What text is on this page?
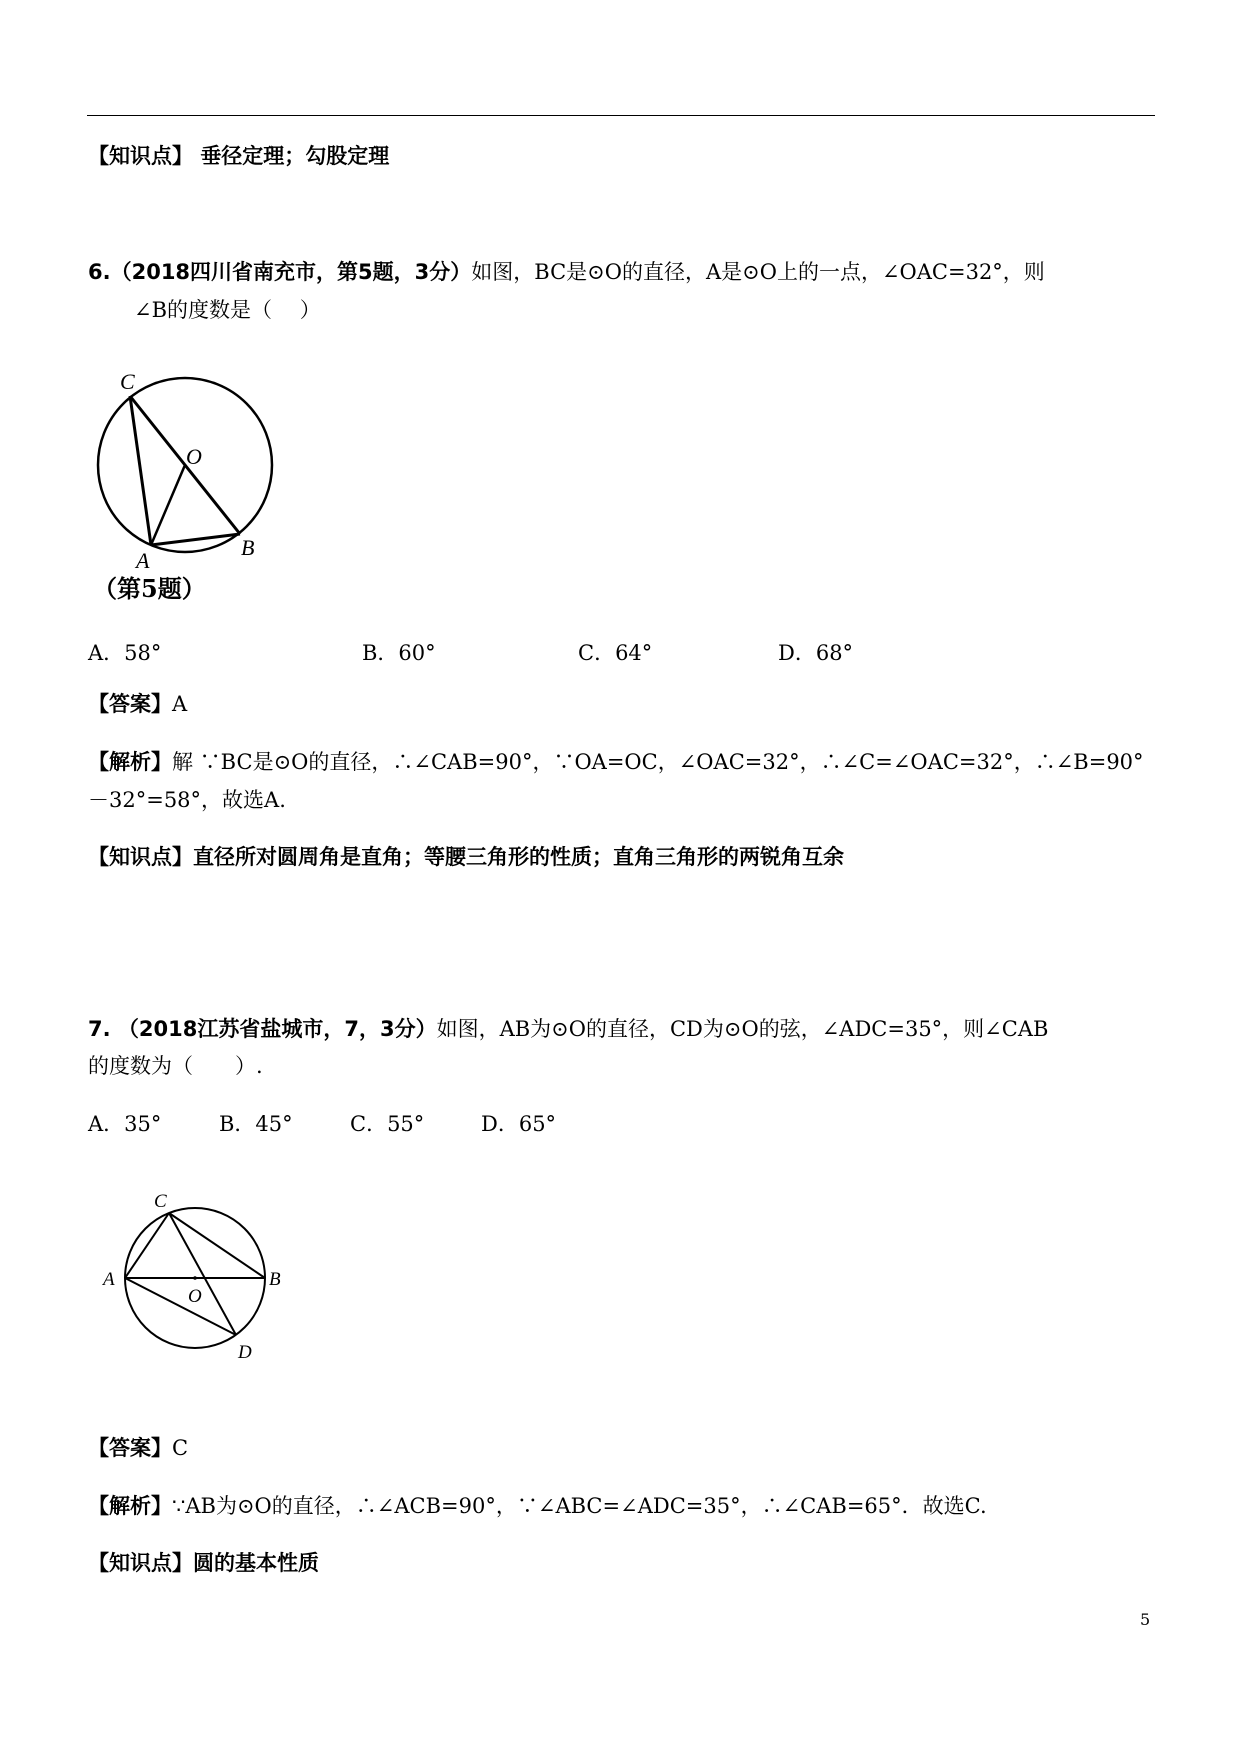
【知识点】 垂径定理；勾股定理
6.（2018四川省南充市，第5题，3分）如图，BC是⊙O的直径，A是⊙O上的一点，∠OAC=32°，则
∠B的度数是（　 ）
C
O
A
B
（第5题）
A．58°	B．60°	C．64°	D．68°
【答案】A
【解析】解 ∵BC是⊙O的直径，∴∠CAB=90°，∵OA=OC，∠OAC=32°，∴∠C=∠OAC=32°，∴∠B=90°
－32°=58°，故选A.
【知识点】直径所对圆周角是直角；等腰三角形的性质；直角三角形的两锐角互余
7. （2018江苏省盐城市，7，3分）如图，AB为⊙O的直径，CD为⊙O的弦，∠ADC=35°，则∠CAB
的度数为（　　）.
A．35°	B．45°	C．55°	D．65°
C
A
O
B
D
【答案】C
【解析】∵AB为⊙O的直径，∴∠ACB=90°，∵∠ABC=∠ADC=35°，∴∠CAB=65°．故选C.
【知识点】圆的基本性质
5
